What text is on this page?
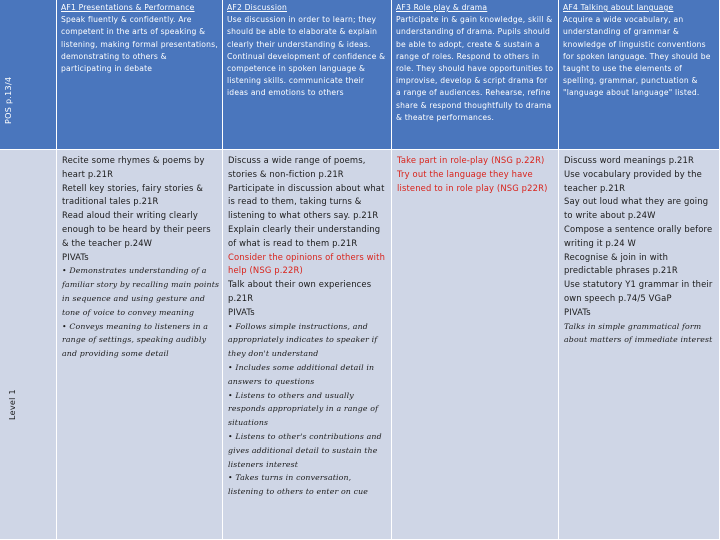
POS p.13/4
AF1 Presentations & Performance
Speak fluently & confidently. Are competent in the arts of speaking & listening, making formal presentations, demonstrating to others & participating in debate
AF2 Discussion
Use discussion in order to learn; they should be able to elaborate & explain clearly their understanding & ideas. Continual development of confidence & competence in spoken language & listening skills. communicate their ideas and emotions to others
AF3 Role play & drama
Participate in & gain knowledge, skill & understanding of drama. Pupils should be able to adopt, create & sustain a range of roles. Respond to others in role. They should have opportunities to improvise, develop & script drama for a range of audiences. Rehearse, refine share & respond thoughtfully to drama & theatre performances.
AF4 Talking about language
Acquire a wide vocabulary, an understanding of grammar & knowledge of linguistic conventions for spoken language. They should be taught to use the elements of spelling, grammar, punctuation & "language about language" listed.
Level 1
Recite some rhymes & poems by heart p.21R
Retell key stories, fairy stories & traditional tales p.21R
Read aloud their writing clearly enough to be heard by their peers & the teacher p.24W
PIVATs
• Demonstrates understanding of a familiar story by recalling main points in sequence and using gesture and tone of voice to convey meaning
• Conveys meaning to listeners in a range of settings, speaking audibly and providing some detail
Discuss a wide range of poems, stories & non-fiction p.21R
Participate in discussion about what is read to them, taking turns & listening to what others say. p.21R
Explain clearly their understanding of what is read to them p.21R
Consider the opinions of others with help (NSG p.22R)
Talk about their own experiences p.21R
PIVATs
• Follows simple instructions, and appropriately indicates to speaker if they don't understand
• Includes some additional detail in answers to questions
• Listens to others and usually responds appropriately in a range of situations
• Listens to other's contributions and gives additional detail to sustain the listeners interest
• Takes turns in conversation, listening to others to enter on cue
Take part in role-play (NSG p.22R)
Try out the language they have listened to in role play (NSG p22R)
Discuss word meanings p.21R
Use vocabulary provided by the teacher p.21R
Say out loud what they are going to write about p.24W
Compose a sentence orally before writing it p.24 W
Recognise & join in with predictable phrases p.21R
Use statutory Y1 grammar in their own speech p.74/5 VGaP
PIVATs
Talks in simple grammatical form about matters of immediate interest
